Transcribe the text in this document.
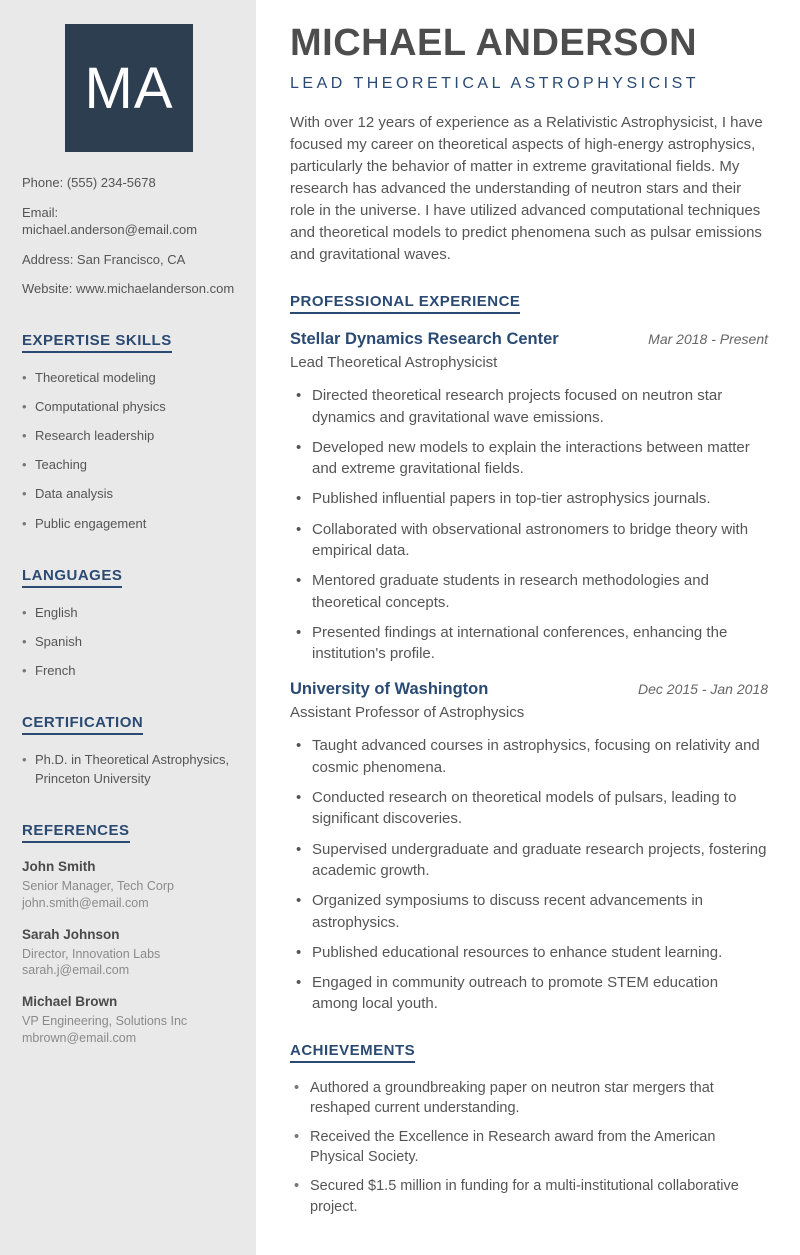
MA
Phone: (555) 234-5678
Email: michael.anderson@email.com
Address: San Francisco, CA
Website: www.michaelanderson.com
EXPERTISE SKILLS
• Theoretical modeling
• Computational physics
• Research leadership
• Teaching
• Data analysis
• Public engagement
LANGUAGES
• English
• Spanish
• French
CERTIFICATION
• Ph.D. in Theoretical Astrophysics, Princeton University
REFERENCES
John Smith
Senior Manager, Tech Corp
john.smith@email.com
Sarah Johnson
Director, Innovation Labs
sarah.j@email.com
Michael Brown
VP Engineering, Solutions Inc
mbrown@email.com
MICHAEL ANDERSON
LEAD THEORETICAL ASTROPHYSICIST

With over 12 years of experience as a Relativistic Astrophysicist, I have focused my career on theoretical aspects of high-energy astrophysics, particularly the behavior of matter in extreme gravitational fields. My research has advanced the understanding of neutron stars and their role in the universe. I have utilized advanced computational techniques and theoretical models to predict phenomena such as pulsar emissions and gravitational waves.

PROFESSIONAL EXPERIENCE
Stellar Dynamics Research Center	Mar 2018 - Present
Lead Theoretical Astrophysicist
• Directed theoretical research projects focused on neutron star dynamics and gravitational wave emissions.
• Developed new models to explain the interactions between matter and extreme gravitational fields.
• Published influential papers in top-tier astrophysics journals.
• Collaborated with observational astronomers to bridge theory with empirical data.
• Mentored graduate students in research methodologies and theoretical concepts.
• Presented findings at international conferences, enhancing the institution's profile.
University of Washington	Dec 2015 - Jan 2018
Assistant Professor of Astrophysics
• Taught advanced courses in astrophysics, focusing on relativity and cosmic phenomena.
• Conducted research on theoretical models of pulsars, leading to significant discoveries.
• Supervised undergraduate and graduate research projects, fostering academic growth.
• Organized symposiums to discuss recent advancements in astrophysics.
• Published educational resources to enhance student learning.
• Engaged in community outreach to promote STEM education among local youth.
ACHIEVEMENTS
• Authored a groundbreaking paper on neutron star mergers that reshaped current understanding.
• Received the Excellence in Research award from the American Physical Society.
• Secured $1.5 million in funding for a multi-institutional collaborative project.
